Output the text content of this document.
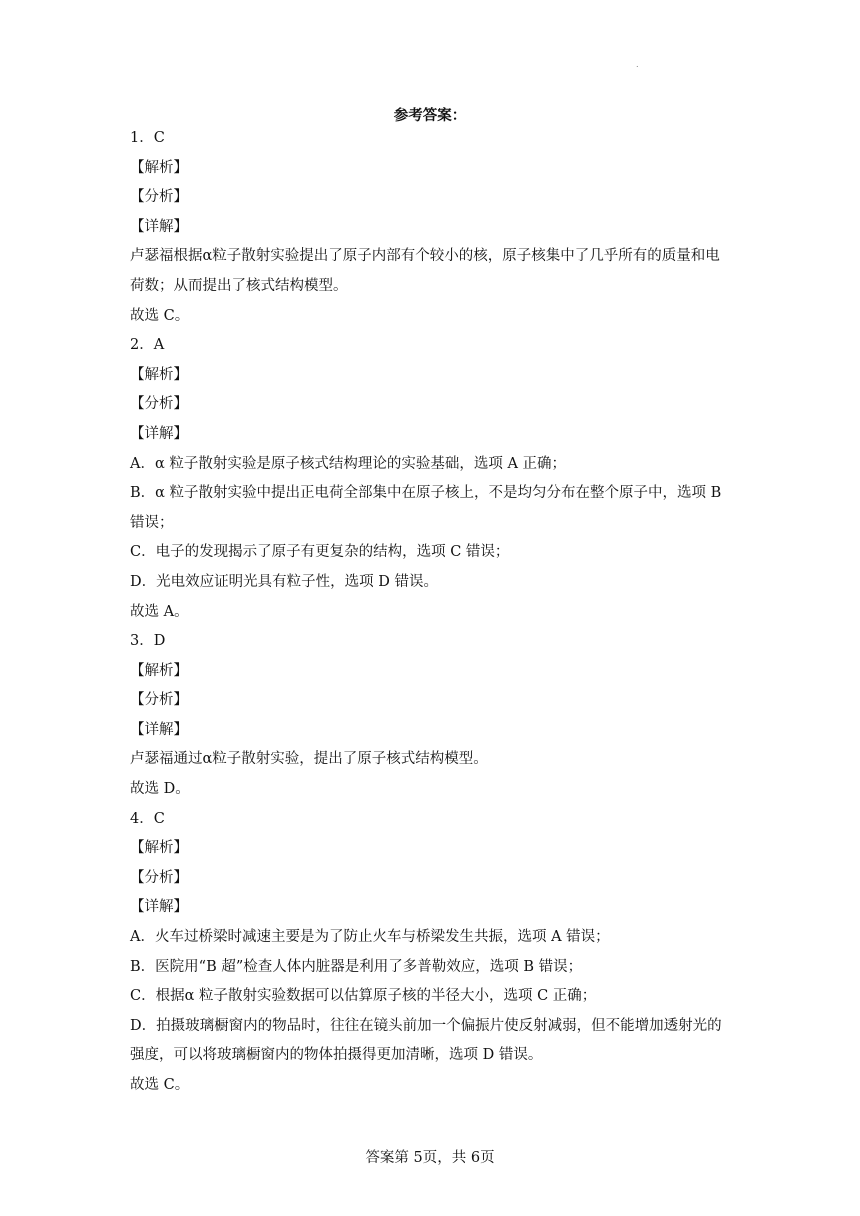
.
参考答案：
1．C
【解析】
【分析】
【详解】
卢瑟福根据α粒子散射实验提出了原子内部有个较小的核，原子核集中了几乎所有的质量和电荷数；从而提出了核式结构模型。
故选 C。
2．A
【解析】
【分析】
【详解】
A．α 粒子散射实验是原子核式结构理论的实验基础，选项 A 正确；
B．α 粒子散射实验中提出正电荷全部集中在原子核上，不是均匀分布在整个原子中，选项 B 错误；
C．电子的发现揭示了原子有更复杂的结构，选项 C 错误；
D．光电效应证明光具有粒子性，选项 D 错误。
故选 A。
3．D
【解析】
【分析】
【详解】
卢瑟福通过α粒子散射实验，提出了原子核式结构模型。
故选 D。
4．C
【解析】
【分析】
【详解】
A．火车过桥梁时减速主要是为了防止火车与桥梁发生共振，选项 A 错误；
B．医院用“B 超”检查人体内脏器是利用了多普勒效应，选项 B 错误；
C．根据α 粒子散射实验数据可以估算原子核的半径大小，选项 C 正确；
D．拍摄玻璃橱窗内的物品时，往往在镜头前加一个偏振片使反射减弱，但不能增加透射光的强度，可以将玻璃橱窗内的物体拍摄得更加清晰，选项 D 错误。
故选 C。
答案第 5页，共 6页
